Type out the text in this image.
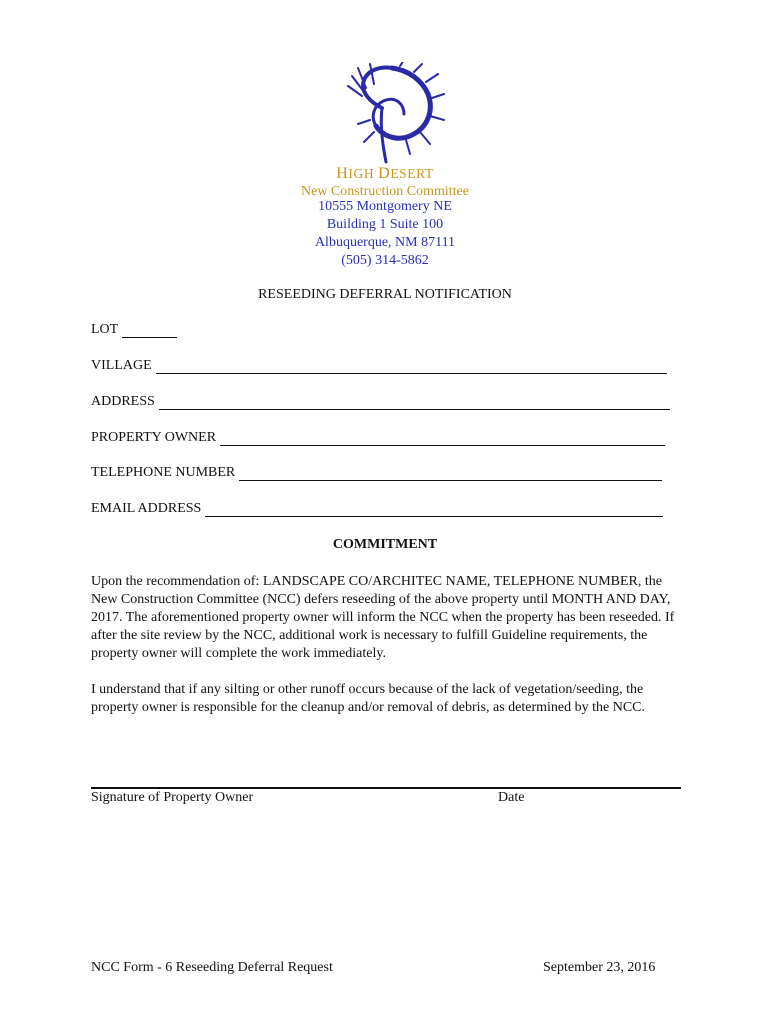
HIGH DESERT
New Construction Committee
10555 Montgomery NE
Building 1 Suite 100
Albuquerque, NM 87111
(505) 314-5862
RESEEDING DEFERRAL NOTIFICATION
LOT
VILLAGE
ADDRESS
PROPERTY OWNER
TELEPHONE NUMBER
EMAIL ADDRESS
COMMITMENT
Upon the recommendation of: LANDSCAPE CO/ARCHITEC NAME, TELEPHONE NUMBER, the New Construction Committee (NCC) defers reseeding of the above property until MONTH AND DAY, 2017. The aforementioned property owner will inform the NCC when the property has been reseeded. If after the site review by the NCC, additional work is necessary to fulfill Guideline requirements, the property owner will complete the work immediately.
I understand that if any silting or other runoff occurs because of the lack of vegetation/seeding, the property owner is responsible for the cleanup and/or removal of debris, as determined by the NCC.
Signature of Property Owner	Date
NCC Form - 6 Reseeding Deferral Request	September 23, 2016
